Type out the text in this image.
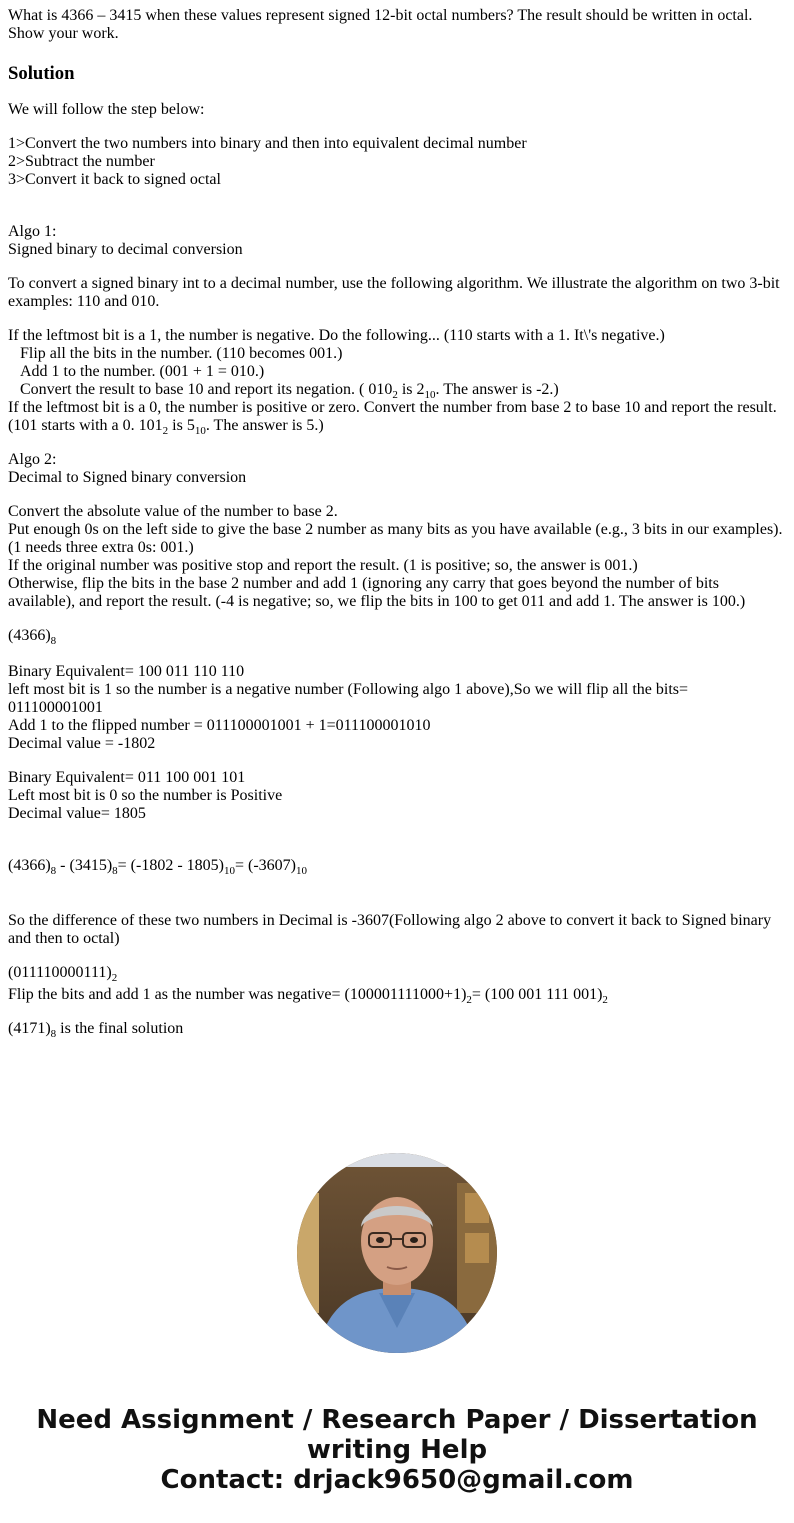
What is 4366 – 3415 when these values represent signed 12-bit octal numbers? The result should be written in octal. Show your work.

Solution

We will follow the step below:

1>Convert the two numbers into binary and then into equivalent decimal number

2>Subtract the number

3>Convert it back to signed octal

Algo 1:

Signed binary to decimal conversion

To convert a signed binary int to a decimal number, use the following algorithm. We illustrate the algorithm on two 3-bit examples: 110 and 010.

If the leftmost bit is a 1, the number is negative. Do the following... (110 starts with a 1. It\'s negative.)

Flip all the bits in the number. (110 becomes 001.)

Add 1 to the number. (001 + 1 = 010.)

Convert the result to base 10 and report its negation. ( $010_2$ is $2_{10}$. The answer is -2.)

If the leftmost bit is a 0, the number is positive or zero. Convert the number from base 2 to base 10 and report the result. (101 starts with a 0. $101_2$ is $5_{10}$. The answer is 5.)

Algo 2:

Decimal to Signed binary conversion

Convert the absolute value of the number to base 2.

Put enough 0s on the left side to give the base 2 number as many bits as you have available (e.g., 3 bits in our examples). (1 needs three extra 0s: 001.)

If the original number was positive stop and report the result. (1 is positive; so, the answer is 001.)

Otherwise, flip the bits in the base 2 number and add 1 (ignoring any carry that goes beyond the number of bits available), and report the result. (-4 is negative; so, we flip the bits in 100 to get 011 and add 1. The answer is 100.)

$(4366)_8$

Binary Equivalent= 100 011 110 110

left most bit is 1 so the number is a negative number (Following algo 1 above),So we will flip all the bits= 011100001001

Add 1 to the flipped number = 011100001001 + 1=011100001010

Decimal value = -1802

Binary Equivalent= 011 100 001 101

Left most bit is 0 so the number is Positive

Decimal value= 1805

$(4366)_8 - (3415)_8= (-1802 - 1805)_{10}= (-3607)_{10}$

So the difference of these two numbers in Decimal is -3607(Following algo 2 above to convert it back to Signed binary and then to octal)

$(011110000111)_2$

Flip the bits and add 1 as the number was negative= $(100001111000+1)_2= (100$ 001 111 $001)_2$

$(4171)_8$ is the final solution

Need Assignment / Research Paper / Dissertation
writing Help
Contact: drjack9650@gmail.com
